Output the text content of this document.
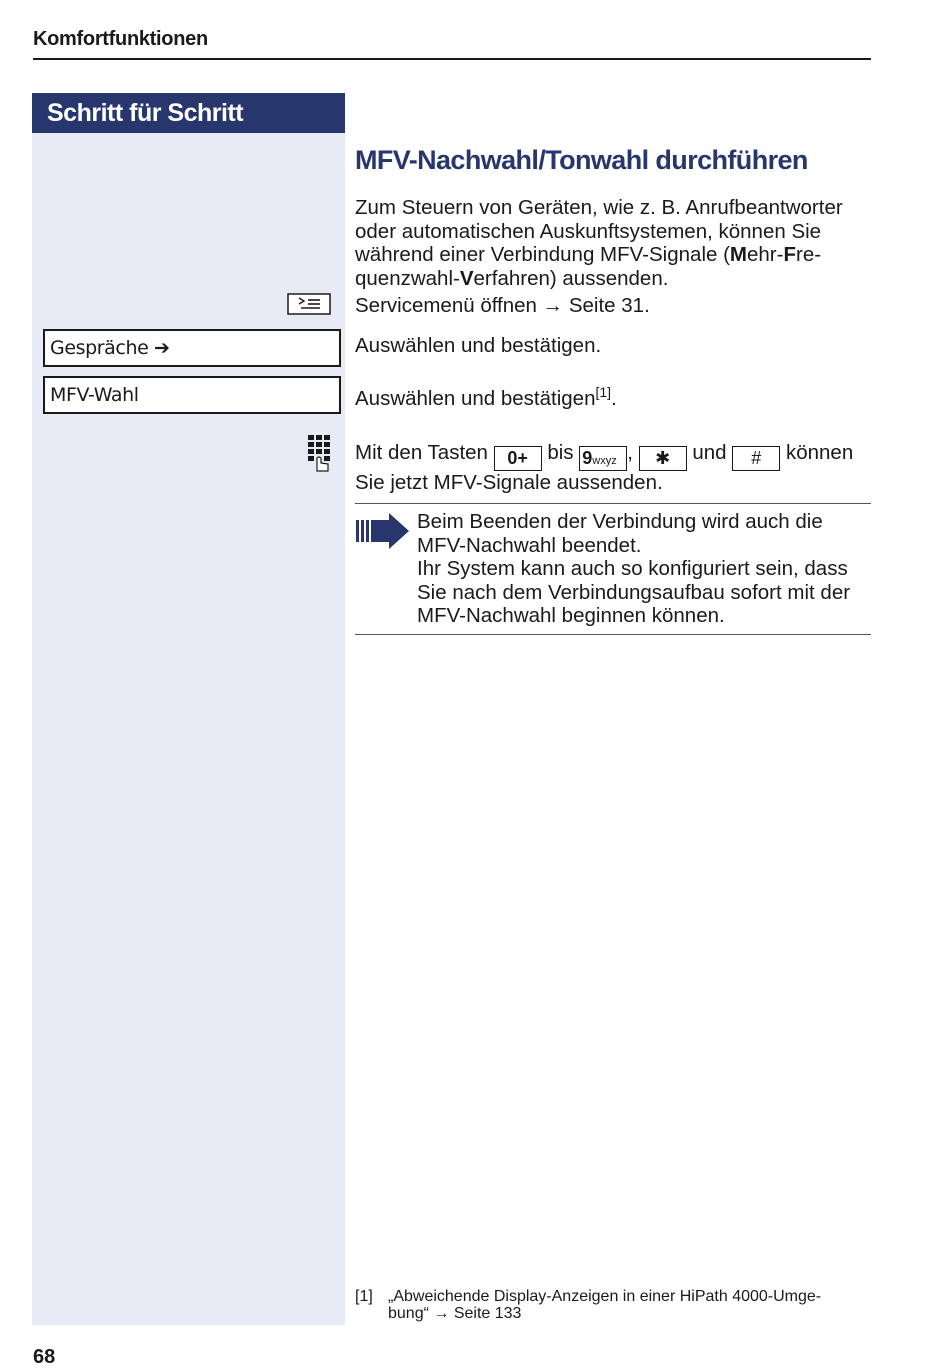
Komfortfunktionen
Schritt für Schritt
Gespräche ➔
MFV-Wahl
MFV-Nachwahl/Tonwahl durchführen
Zum Steuern von Geräten, wie z. B. Anrufbeantworter oder automatischen Auskunftsystemen, können Sie während einer Verbindung MFV-Signale (Mehr-Fre-quenzwahl-Verfahren) aussenden.
Servicemenü öffnen → Seite 31.
Auswählen und bestätigen.
Auswählen und bestätigen[1].
Mit den Tasten 0+ bis 9wxyz , ✱ und # können Sie jetzt MFV-Signale aussenden.
Beim Beenden der Verbindung wird auch die MFV-Nachwahl beendet.
Ihr System kann auch so konfiguriert sein, dass Sie nach dem Verbindungsaufbau sofort mit der MFV-Nachwahl beginnen können.
[1] „Abweichende Display-Anzeigen in einer HiPath 4000-Umge-bung“ → Seite 133
68
